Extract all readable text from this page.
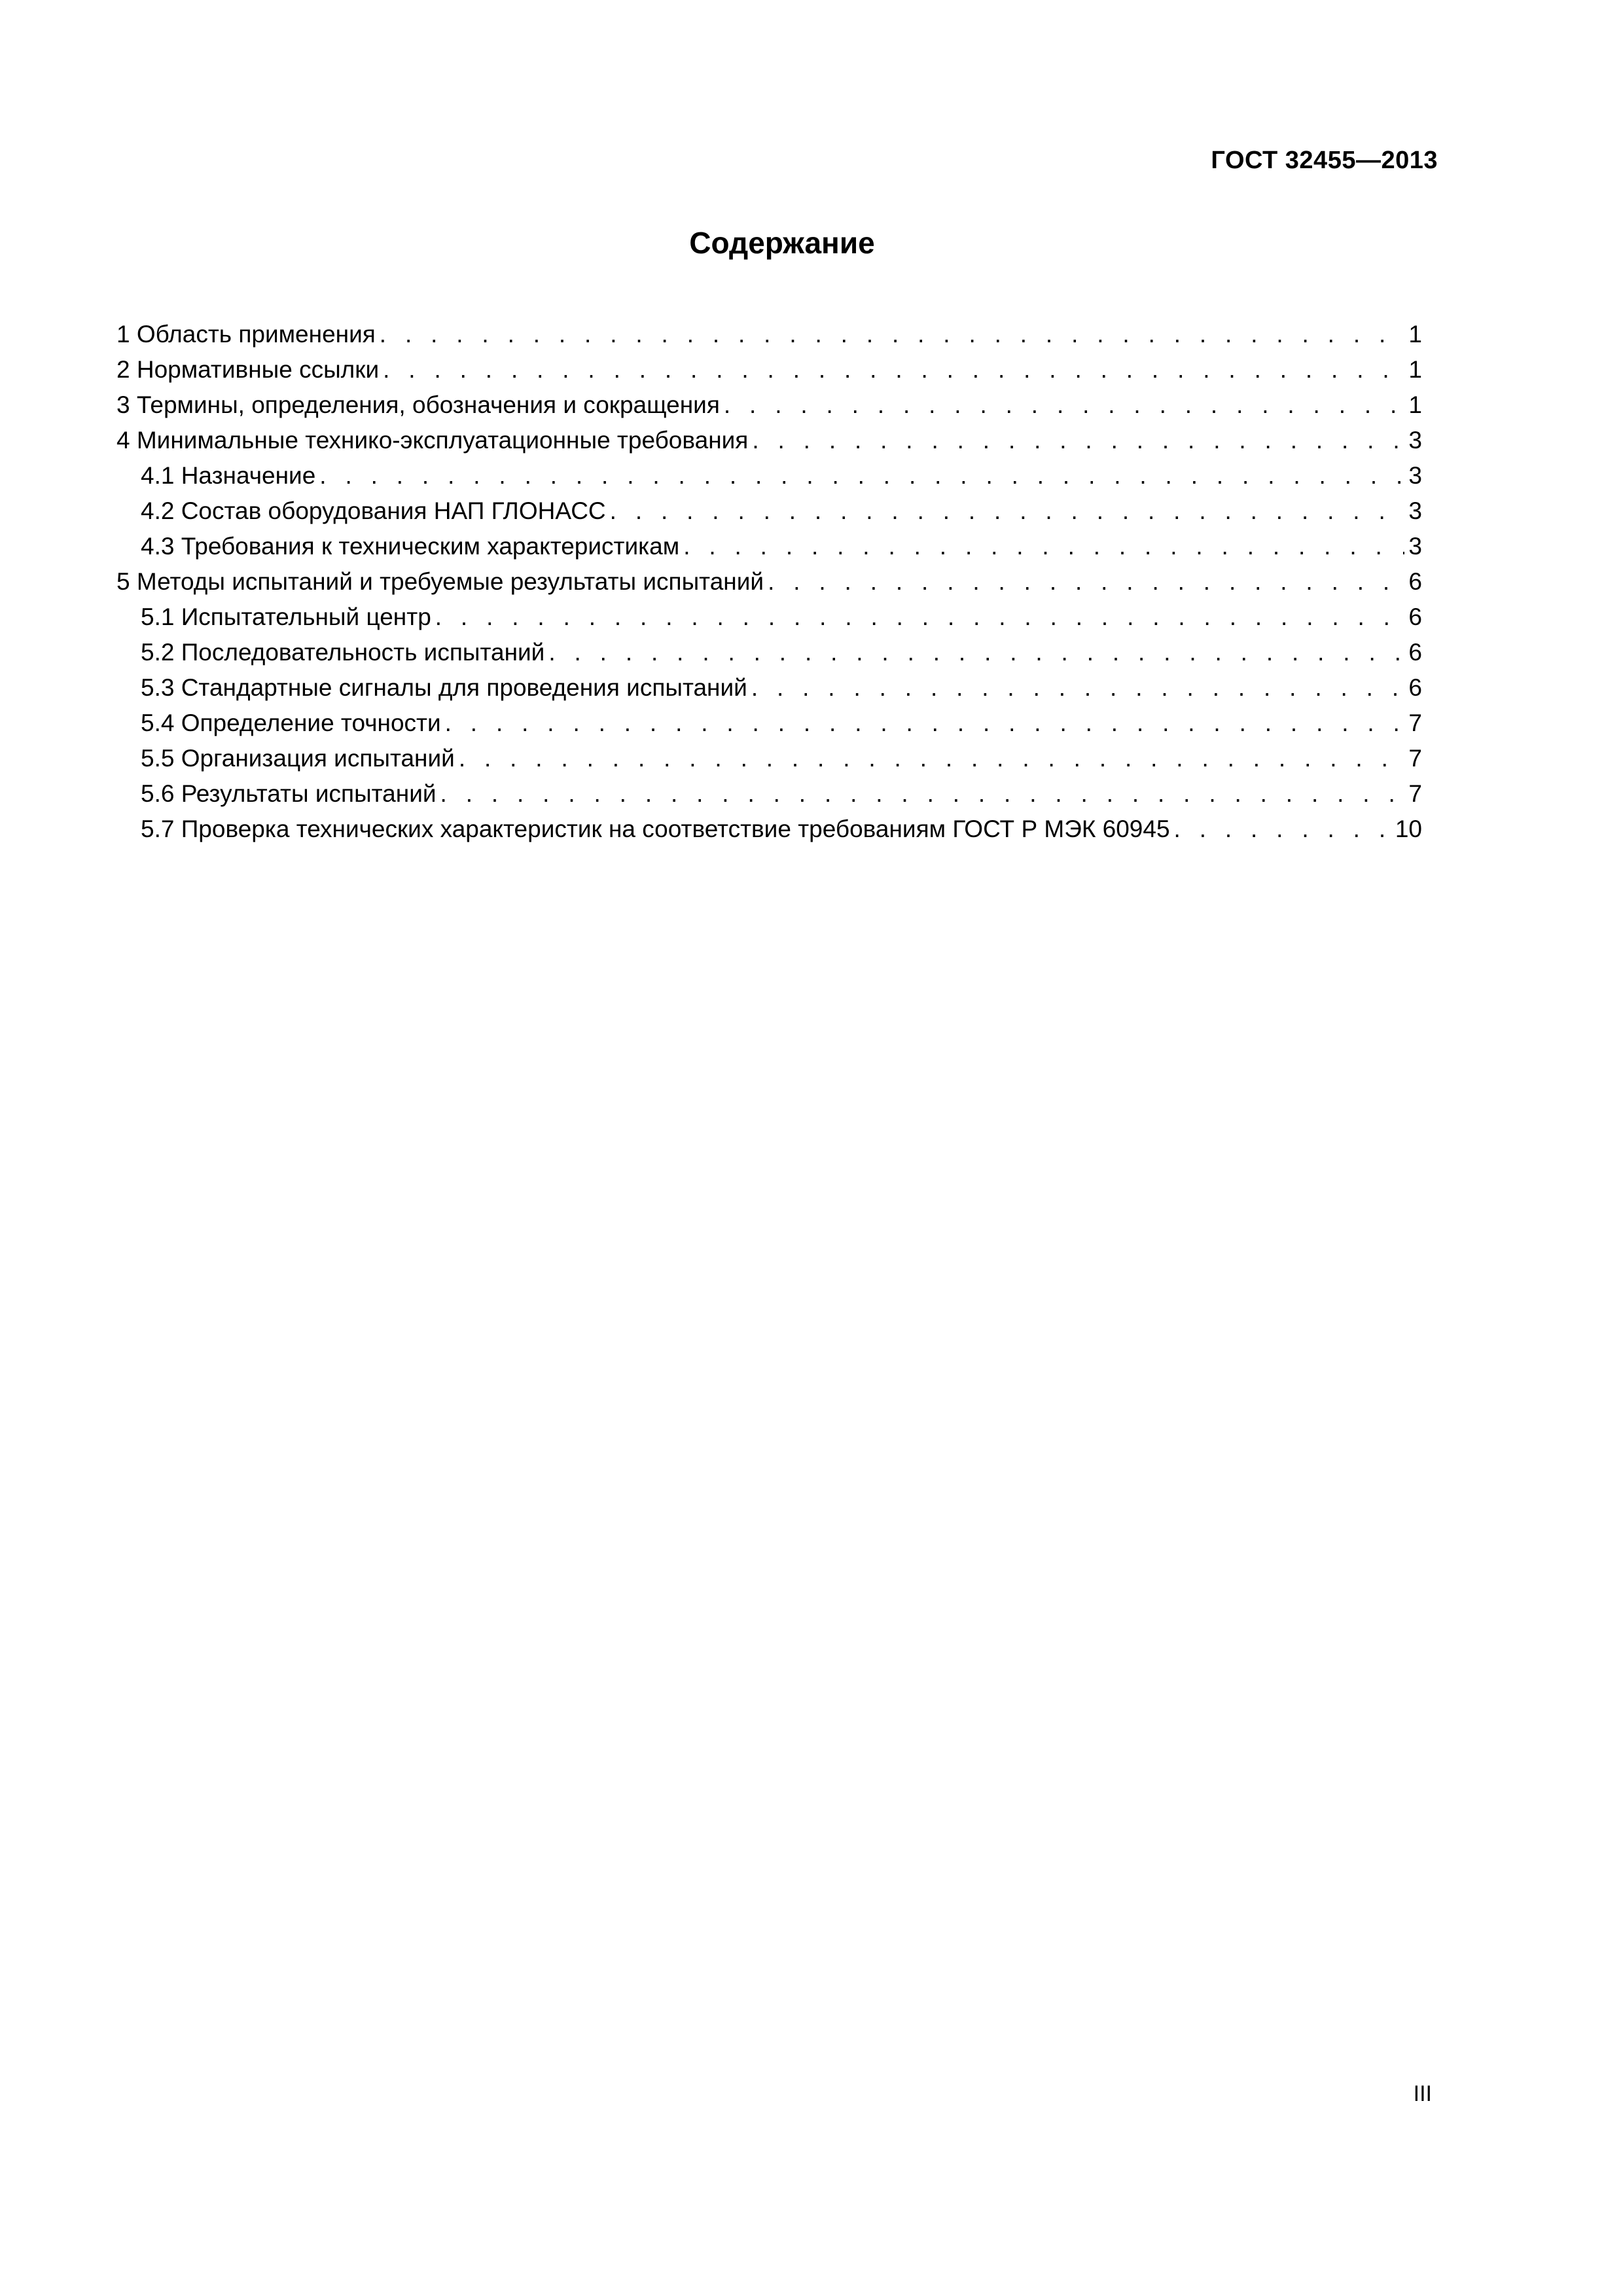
ГОСТ 32455—2013
Содержание
1 Область применения . . .	1
2 Нормативные ссылки . . .	1
3 Термины, определения, обозначения и сокращения . . .	1
4 Минимальные технико-эксплуатационные требования . . .	3
4.1 Назначение . . .	3
4.2 Состав оборудования НАП ГЛОНАСС . . .	3
4.3 Требования к техническим характеристикам . . .	3
5 Методы испытаний и требуемые результаты испытаний . . .	6
5.1 Испытательный центр . . .	6
5.2 Последовательность испытаний . . .	6
5.3 Стандартные сигналы для проведения испытаний . . .	6
5.4 Определение точности . . .	7
5.5 Организация испытаний . . .	7
5.6 Результаты испытаний . . .	7
5.7 Проверка технических характеристик на соответствие требованиям ГОСТ Р МЭК 60945 . . .	10
III
